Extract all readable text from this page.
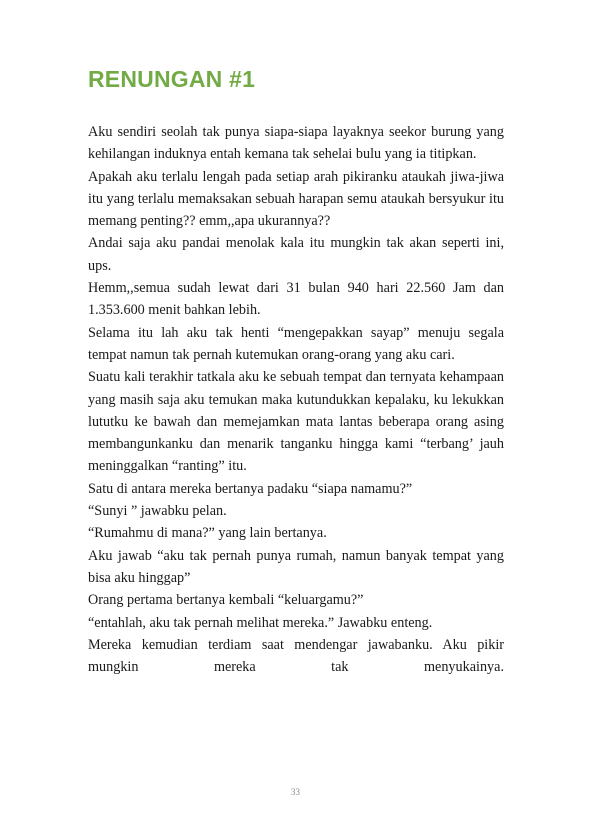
RENUNGAN #1

Aku sendiri seolah tak punya siapa-siapa layaknya seekor burung yang kehilangan induknya entah kemana tak sehelai bulu yang ia titipkan.

Apakah aku terlalu lengah pada setiap arah pikiranku ataukah jiwa-jiwa itu yang terlalu memaksakan sebuah harapan semu ataukah bersyukur itu memang penting?? emm,,apa ukurannya??

Andai saja aku pandai menolak kala itu mungkin tak akan seperti ini, ups.

Hemm,,semua sudah lewat dari 31 bulan 940 hari 22.560 Jam dan 1.353.600 menit bahkan lebih.

Selama itu lah aku tak henti “mengepakkan sayap” menuju segala tempat namun tak pernah kutemukan orang-orang yang aku cari.

Suatu kali terakhir tatkala aku ke sebuah tempat dan ternyata kehampaan yang masih saja aku temukan maka kutundukkan kepalaku, ku lekukkan lututku ke bawah dan memejamkan mata lantas beberapa orang asing membangunkanku dan menarik tanganku hingga kami “terbang’ jauh meninggalkan “ranting” itu.

Satu di antara mereka bertanya padaku “siapa namamu?”

“Sunyi ” jawabku pelan.

“Rumahmu di mana?” yang lain bertanya.

Aku jawab “aku tak pernah punya rumah, namun banyak tempat yang bisa aku hinggap”

Orang pertama bertanya kembali “keluargamu?”

“entahlah, aku tak pernah melihat mereka.” Jawabku enteng.

Mereka kemudian terdiam saat mendengar jawabanku. Aku pikir mungkin mereka tak menyukainya.

33
